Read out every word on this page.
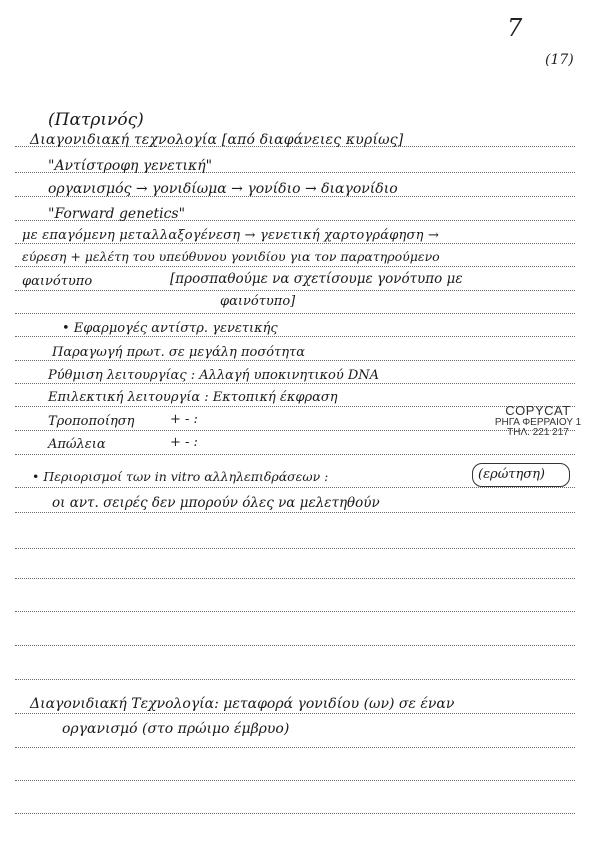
7
(17)
(Πατρινός)
Διαγονιδιακή τεχνολογία [από διαφάνειες κυρίως]
"Αντίστροφη γενετική"
οργανισμός → γονιδίωμα → γονίδιο → διαγονίδιο
"Forward genetics"
με επαγόμενη μεταλλαξογένεση → γενετική χαρτογράφηση →
εύρεση + μελέτη του υπεύθυνου γονιδίου για τον παρατηρούμενο
φαινότυπο	[προσπαθούμε να σχετίσουμε γονότυπο με
φαινότυπο]
• Εφαρμογές αντίστρ. γενετικής
Παραγωγή πρωτ. σε μεγάλη ποσότητα
Ρύθμιση λειτουργίας : Αλλαγή υποκινητικού DNA
Επιλεκτική λειτουργία : Εκτοπική έκφραση
Τροποποίηση	+ - :
Απώλεια	+ - :
COPYCAT
ΡΗΓΑ ΦΕΡΡΑΙΟΥ 1
ΤΗΛ. 221 217
• Περιορισμοί των in vitro αλληλεπιδράσεων :	(ερώτηση)
οι αντ. σειρές δεν μπορούν όλες να μελετηθούν
Διαγονιδιακή Τεχνολογία: μεταφορά γονιδίου (ων) σε έναν
οργανισμό (στο πρώιμο έμβρυο)
